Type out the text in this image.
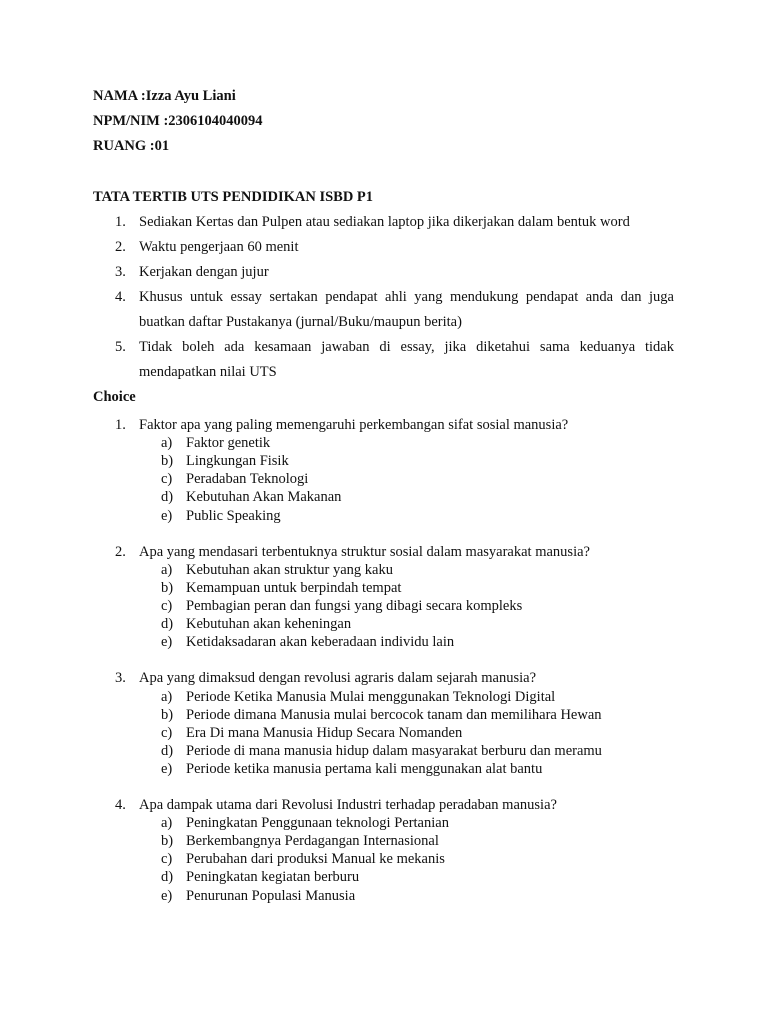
NAMA :Izza Ayu Liani
NPM/NIM :2306104040094
RUANG :01
TATA TERTIB UTS PENDIDIKAN ISBD P1
1. Sediakan Kertas dan Pulpen atau sediakan laptop jika dikerjakan dalam bentuk word
2. Waktu pengerjaan 60 menit
3. Kerjakan dengan jujur
4. Khusus untuk essay sertakan pendapat ahli yang mendukung pendapat anda dan juga
buatkan daftar Pustakanya (jurnal/Buku/maupun berita)
5. Tidak boleh ada kesamaan jawaban di essay, jika diketahui sama keduanya tidak
mendapatkan nilai UTS
Choice
1. Faktor apa yang paling memengaruhi perkembangan sifat sosial manusia?
a) Faktor genetik
b) Lingkungan Fisik
c) Peradaban Teknologi
d) Kebutuhan Akan Makanan
e) Public Speaking
2. Apa yang mendasari terbentuknya struktur sosial dalam masyarakat manusia?
a) Kebutuhan akan struktur yang kaku
b) Kemampuan untuk berpindah tempat
c) Pembagian peran dan fungsi yang dibagi secara kompleks
d) Kebutuhan akan keheningan
e) Ketidaksadaran akan keberadaan individu lain
3. Apa yang dimaksud dengan revolusi agraris dalam sejarah manusia?
a) Periode Ketika Manusia Mulai menggunakan Teknologi Digital
b) Periode dimana Manusia mulai bercocok tanam dan memilihara Hewan
c) Era Di mana Manusia Hidup Secara Nomanden
d) Periode di mana manusia hidup dalam masyarakat berburu dan meramu
e) Periode ketika manusia pertama kali menggunakan alat bantu
4. Apa dampak utama dari Revolusi Industri terhadap peradaban manusia?
a) Peningkatan Penggunaan teknologi Pertanian
b) Berkembangnya Perdagangan Internasional
c) Perubahan dari produksi Manual ke mekanis
d) Peningkatan kegiatan berburu
e) Penurunan Populasi Manusia
